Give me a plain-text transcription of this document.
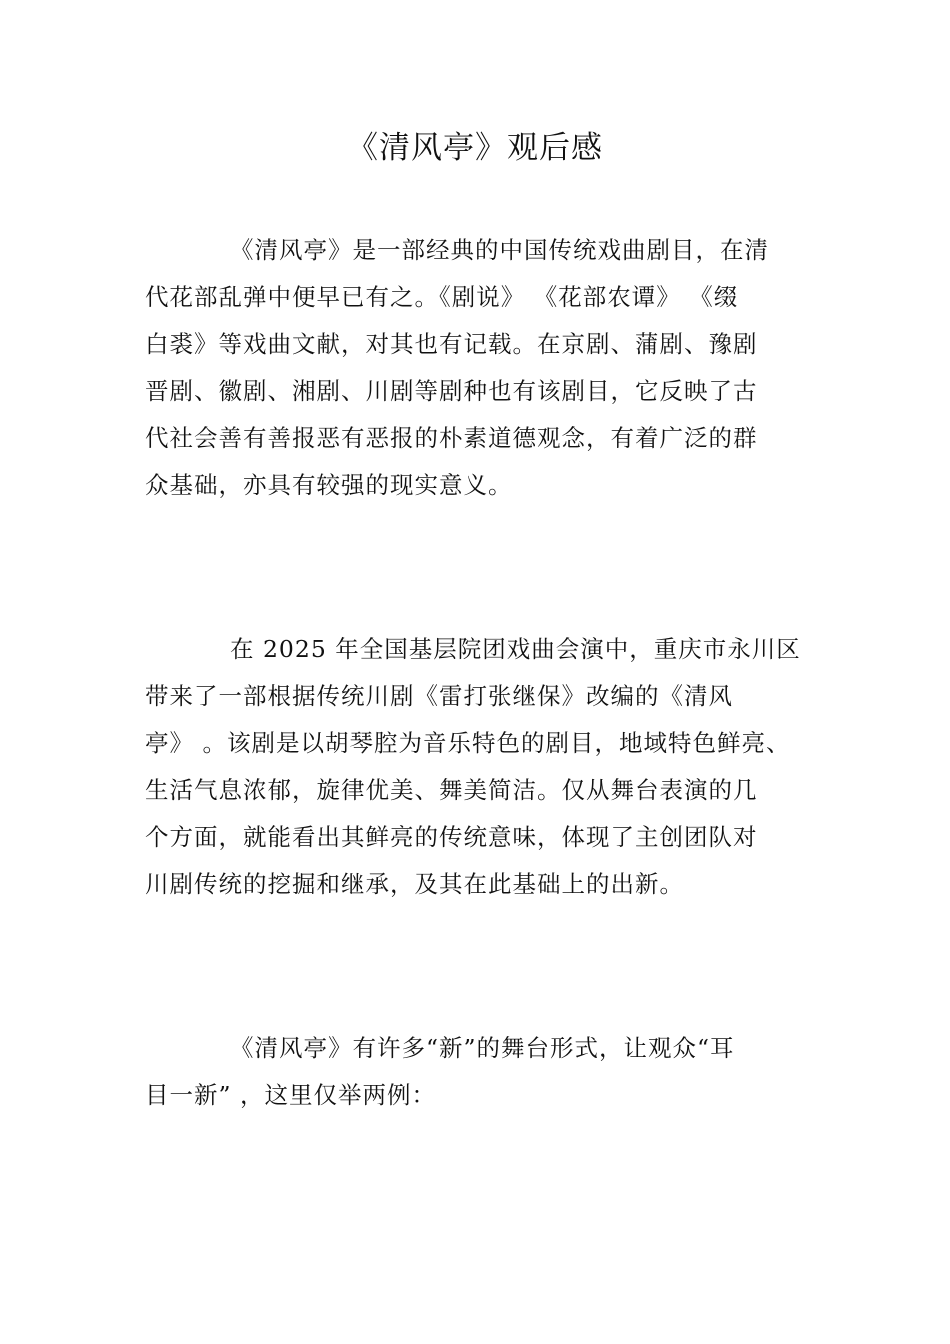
《清风亭》观后感
《清风亭》是一部经典的中国传统戏曲剧目，在清
代花部乱弹中便早已有之。《剧说》 《花部农谭》 《缀
白裘》等戏曲文献，对其也有记载。在京剧、蒲剧、豫剧
晋剧、徽剧、湘剧、川剧等剧种也有该剧目，它反映了古
代社会善有善报恶有恶报的朴素道德观念，有着广泛的群
众基础，亦具有较强的现实意义。
在 2025 年全国基层院团戏曲会演中，重庆市永川区
带来了一部根据传统川剧《雷打张继保》改编的《清风
亭》 。该剧是以胡琴腔为音乐特色的剧目，地域特色鲜亮、
生活气息浓郁，旋律优美、舞美简洁。仅从舞台表演的几
个方面，就能看出其鲜亮的传统意味，体现了主创团队对
川剧传统的挖掘和继承，及其在此基础上的出新。
《清风亭》有许多“新”的舞台形式，让观众“耳
目一新” ，这里仅举两例：
